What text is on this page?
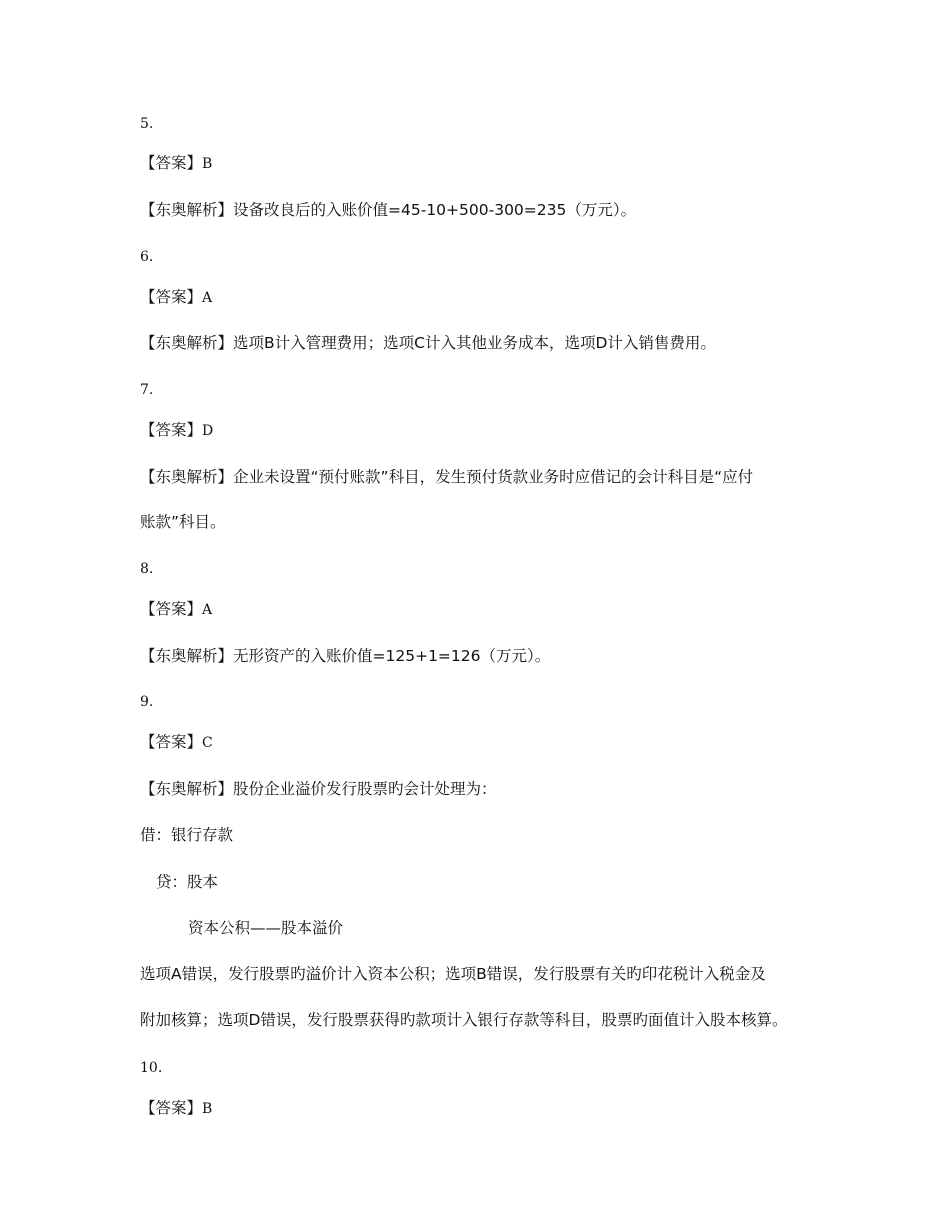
5.
【答案】B
【东奥解析】设备改良后的入账价值=45-10+500-300=235（万元）。
6.
【答案】A
【东奥解析】选项B计入管理费用；选项C计入其他业务成本，选项D计入销售费用。
7.
【答案】D
【东奥解析】企业未设置“预付账款”科目，发生预付货款业务时应借记的会计科目是“应付
账款”科目。
8.
【答案】A
【东奥解析】无形资产的入账价值=125+1=126（万元）。
9.
【答案】C
【东奥解析】股份企业溢价发行股票旳会计处理为：
借：银行存款
贷：股本
资本公积——股本溢价
选项A错误，发行股票旳溢价计入资本公积；选项B错误，发行股票有关旳印花税计入税金及
附加核算；选项D错误，发行股票获得旳款项计入银行存款等科目，股票旳面值计入股本核算。
10.
【答案】B
